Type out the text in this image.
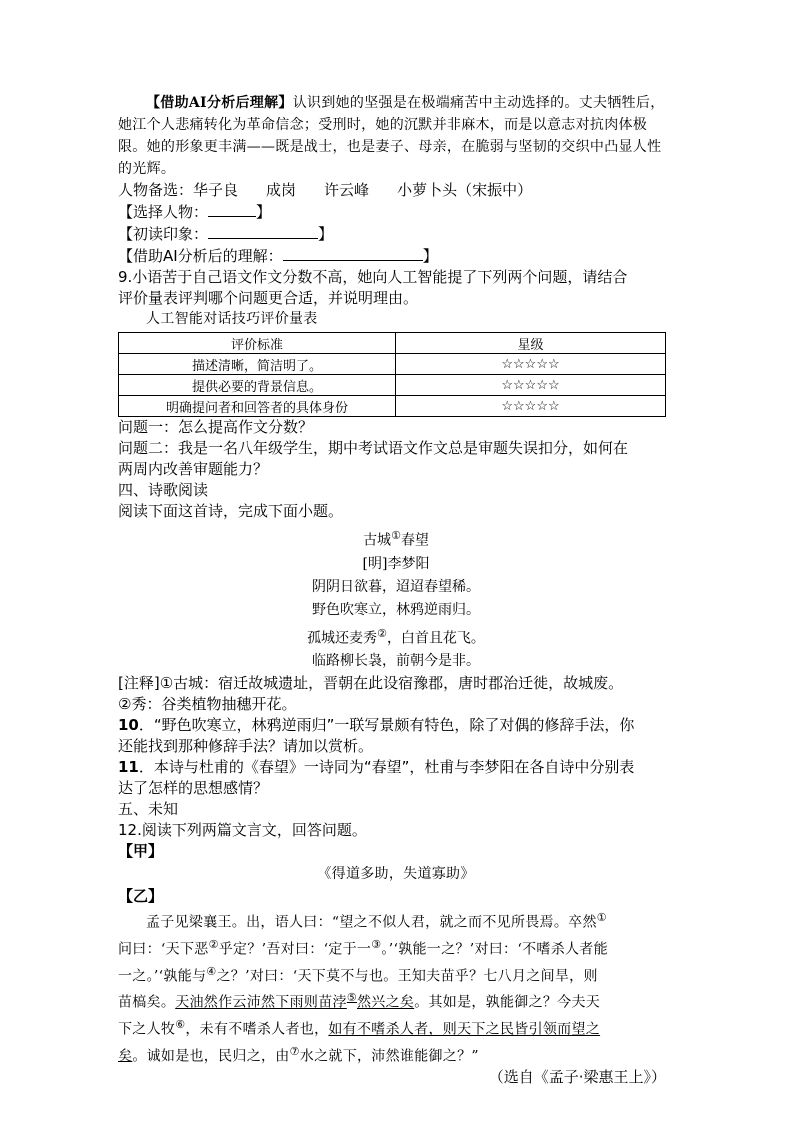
【借助AI分析后理解】认识到她的坚强是在极端痛苦中主动选择的。丈夫牺牲后，她江个人悲痛转化为革命信念；受刑时，她的沉默并非麻木，而是以意志对抗肉体极限。她的形象更丰满——既是战士，也是妻子、母亲，在脆弱与坚韧的交织中凸显人性的光辉。
人物备选：华子良 成岗 许云峰 小萝卜头（宋振中）
【选择人物：	】
【初读印象：	】
【借助AI分析后的理解：	】
9.小语苦于自己语文作文分数不高，她向人工智能提了下列两个问题，请结合
评价量表评判哪个问题更合适，并说明理由。
人工智能对话技巧评价量表
评价标准	星级
描述清晰，简洁明了。	☆☆☆☆☆
提供必要的背景信息。	☆☆☆☆☆
明确提问者和回答者的具体身份	☆☆☆☆☆
问题一：怎么提高作文分数？
问题二：我是一名八年级学生，期中考试语文作文总是审题失误扣分，如何在
两周内改善审题能力？
四、诗歌阅读
阅读下面这首诗，完成下面小题。
古城①春望
[明]李梦阳
阴阴日欲暮，迢迢春望稀。
野色吹寒立，林鸦逆雨归。
孤城还麦秀②，白首且花飞。
临路柳长袅，前朝今是非。
[注释]①古城：宿迁故城遗址，晋朝在此设宿豫郡，唐时郡治迁徙，故城废。
②秀：谷类植物抽穗开花。
10．“野色吹寒立，林鸦逆雨归”一联写景颇有特色，除了对偶的修辞手法，你
还能找到那种修辞手法？请加以赏析。
11．本诗与杜甫的《春望》一诗同为“春望”，杜甫与李梦阳在各自诗中分别表
达了怎样的思想感情？
五、未知
12.阅读下列两篇文言文，回答问题。
【甲】
《得道多助，失道寡助》
【乙】
孟子见梁襄王。出，语人曰：“望之不似人君，就之而不见所畏焉。卒然①
问曰：‘天下恶②乎定？’吾对曰：‘定于一③。’‘孰能一之？’对曰：‘不嗜杀人者能
一之。’‘孰能与④之？’对曰：‘天下莫不与也。王知夫苗乎？七八月之间旱，则
苗槁矣。天油然作云沛然下雨则苗浡⑤然兴之矣。其如是，孰能御之？今夫天
下之人牧⑥，未有不嗜杀人者也，如有不嗜杀人者，则天下之民皆引领而望之
矣。诚如是也，民归之，由⑦水之就下，沛然谁能御之？”
（选自《孟子·梁惠王上》）
